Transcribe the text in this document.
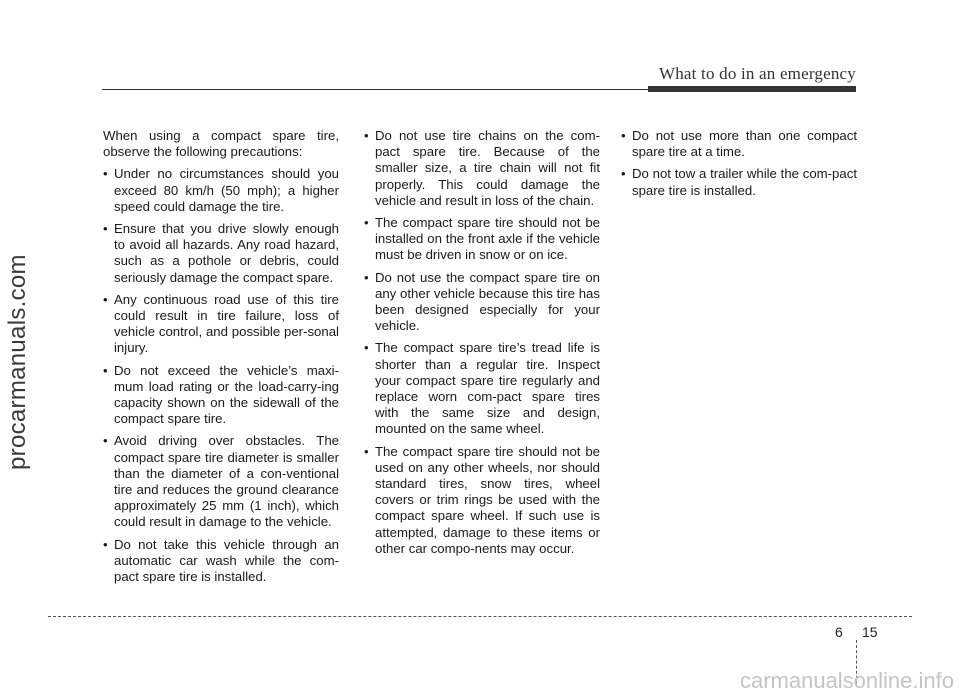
What to do in an emergency

When using a compact spare tire, observe the following precautions:

• Under no circumstances should you exceed 80 km/h (50 mph); a higher speed could damage the tire.
• Ensure that you drive slowly enough to avoid all hazards. Any road hazard, such as a pothole or debris, could seriously damage the compact spare.
• Any continuous road use of this tire could result in tire failure, loss of vehicle control, and possible per-sonal injury.
• Do not exceed the vehicle’s maxi-mum load rating or the load-carry-ing capacity shown on the sidewall of the compact spare tire.
• Avoid driving over obstacles. The compact spare tire diameter is smaller than the diameter of a con-ventional tire and reduces the ground clearance approximately 25 mm (1 inch), which could result in damage to the vehicle.
• Do not take this vehicle through an automatic car wash while the com-pact spare tire is installed.
• Do not use tire chains on the com-pact spare tire. Because of the smaller size, a tire chain will not fit properly. This could damage the vehicle and result in loss of the chain.
• The compact spare tire should not be installed on the front axle if the vehicle must be driven in snow or on ice.
• Do not use the compact spare tire on any other vehicle because this tire has been designed especially for your vehicle.
• The compact spare tire’s tread life is shorter than a regular tire. Inspect your compact spare tire regularly and replace worn com-pact spare tires with the same size and design, mounted on the same wheel.
• The compact spare tire should not be used on any other wheels, nor should standard tires, snow tires, wheel covers or trim rings be used with the compact spare wheel. If such use is attempted, damage to these items or other car compo-nents may occur.
• Do not use more than one compact spare tire at a time.
• Do not tow a trailer while the com-pact spare tire is installed.
6 15
procarmanuals.com
carmanualsonline.info
